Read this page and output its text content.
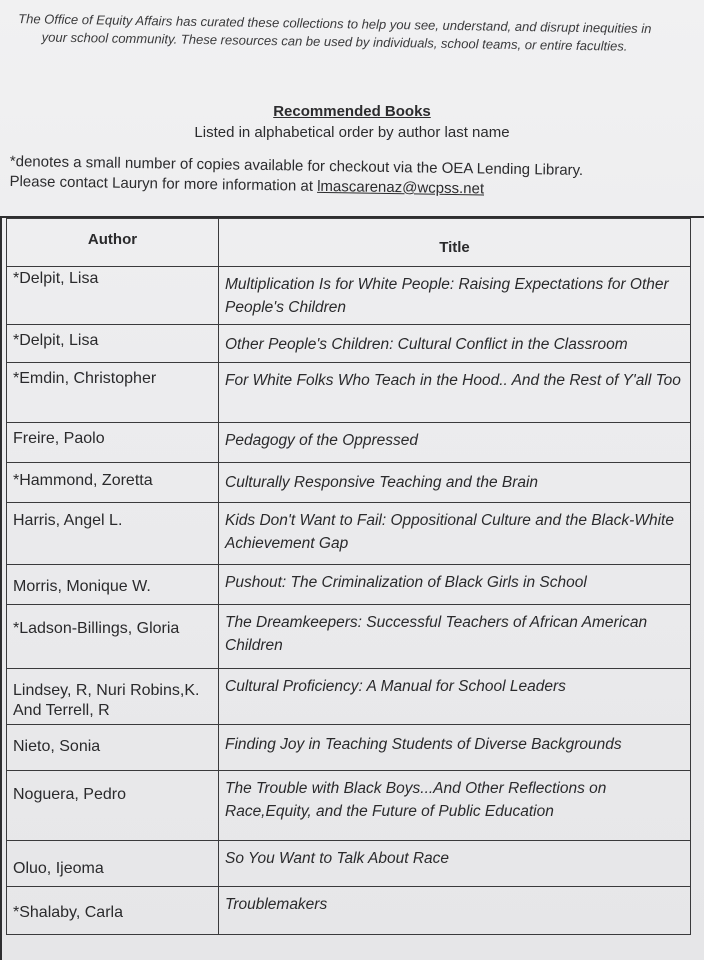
The Office of Equity Affairs has curated these collections to help you see, understand, and disrupt inequities in your school community. These resources can be used by individuals, school teams, or entire faculties.
Recommended Books
Listed in alphabetical order by author last name
*denotes a small number of copies available for checkout via the OEA Lending Library.
Please contact Lauryn for more information at lmascarenaz@wcpss.net
Author	Title
*Delpit, Lisa	Multiplication Is for White People: Raising Expectations for Other People's Children
*Delpit, Lisa	Other People's Children: Cultural Conflict in the Classroom
*Emdin, Christopher	For White Folks Who Teach in the Hood.. And the Rest of Y'all Too
Freire, Paolo	Pedagogy of the Oppressed
*Hammond, Zoretta	Culturally Responsive Teaching and the Brain
Harris, Angel L.	Kids Don't Want to Fail: Oppositional Culture and the Black-White Achievement Gap
Morris, Monique W.	Pushout: The Criminalization of Black Girls in School
*Ladson-Billings, Gloria	The Dreamkeepers: Successful Teachers of African American Children
Lindsey, R, Nuri Robins,K. And Terrell, R	Cultural Proficiency: A Manual for School Leaders
Nieto, Sonia	Finding Joy in Teaching Students of Diverse Backgrounds
Noguera, Pedro	The Trouble with Black Boys...And Other Reflections on Race,Equity, and the Future of Public Education
Oluo, Ijeoma	So You Want to Talk About Race
*Shalaby, Carla	Troublemakers
